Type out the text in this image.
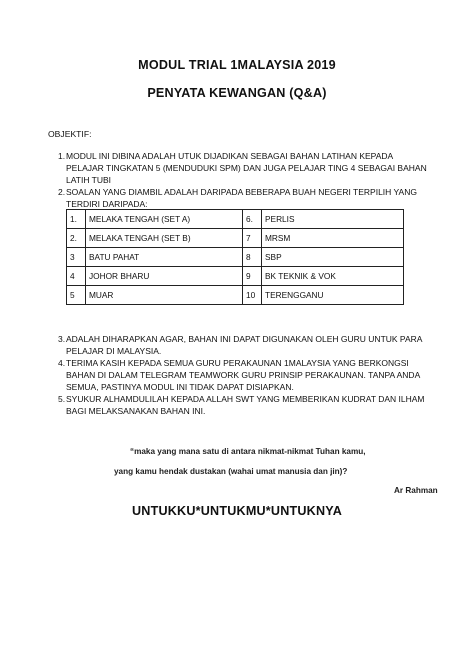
MODUL TRIAL 1MALAYSIA 2019
PENYATA KEWANGAN (Q&A)
OBJEKTIF:
1. MODUL INI DIBINA ADALAH UTUK DIJADIKAN SEBAGAI BAHAN LATIHAN KEPADA PELAJAR TINGKATAN 5 (MENDUDUKI SPM) DAN JUGA PELAJAR TING 4 SEBAGAI BAHAN LATIH TUBI
2. SOALAN YANG DIAMBIL ADALAH DARIPADA BEBERAPA BUAH NEGERI TERPILIH YANG TERDIRI DARIPADA:
1.	MELAKA TENGAH (SET A)	6.	PERLIS
2.	MELAKA TENGAH (SET B)	7	MRSM
3	BATU PAHAT	8	SBP
4	JOHOR BHARU	9	BK TEKNIK & VOK
5	MUAR	10	TERENGGANU
3. ADALAH DIHARAPKAN AGAR, BAHAN INI DAPAT DIGUNAKAN OLEH GURU UNTUK PARA PELAJAR DI MALAYSIA.
4. TERIMA KASIH KEPADA SEMUA GURU PERAKAUNAN 1MALAYSIA YANG BERKONGSI BAHAN DI DALAM TELEGRAM TEAMWORK GURU PRINSIP PERAKAUNAN. TANPA ANDA SEMUA, PASTINYA MODUL INI TIDAK DAPAT DISIAPKAN.
5. SYUKUR ALHAMDULILAH KEPADA ALLAH SWT YANG MEMBERIKAN KUDRAT DAN ILHAM BAGI MELAKSANAKAN BAHAN INI.
“maka yang mana satu di antara nikmat-nikmat Tuhan kamu,
yang kamu hendak dustakan (wahai umat manusia dan jin)?
Ar Rahman
UNTUKKU*UNTUKMU*UNTUKNYA
